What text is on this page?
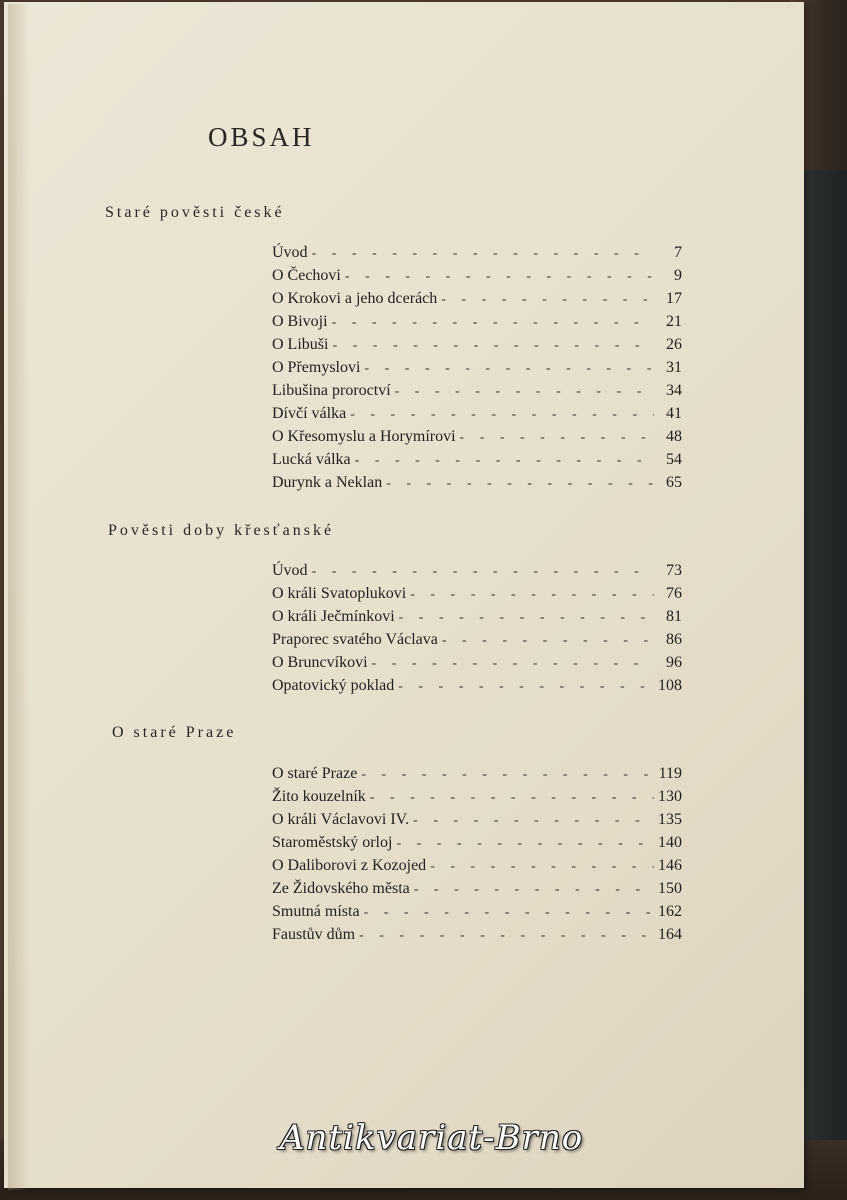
OBSAH
Staré pověsti české
Úvod - - -	7
O Čechovi - - -	9
O Krokovi a jeho dcerách - - -	17
O Bivoji - - -	21
O Libuši - - -	26
O Přemyslovi - - -	31
Libušina proroctví - - -	34
Dívčí válka - - -	41
O Křesomyslu a Horymírovi - - -	48
Lucká válka - - -	54
Durynk a Neklan - - -	65
Pověsti doby křesťanské
Úvod - - -	73
O králi Svatoplukovi - - -	76
O králi Ječmínkovi - - -	81
Praporec svatého Václava - - -	86
O Bruncvíkovi - - -	96
Opatovický poklad - - -	108
O staré Praze
O staré Praze - - -	119
Žito kouzelník - - -	130
O králi Václavovi IV. - - -	135
Staroměstský orloj - - -	140
O Daliborovi z Kozojed - - -	146
Ze Židovského města - - -	150
Smutná místa - - -	162
Faustův dům - - -	164
Antikvariat-Brno
